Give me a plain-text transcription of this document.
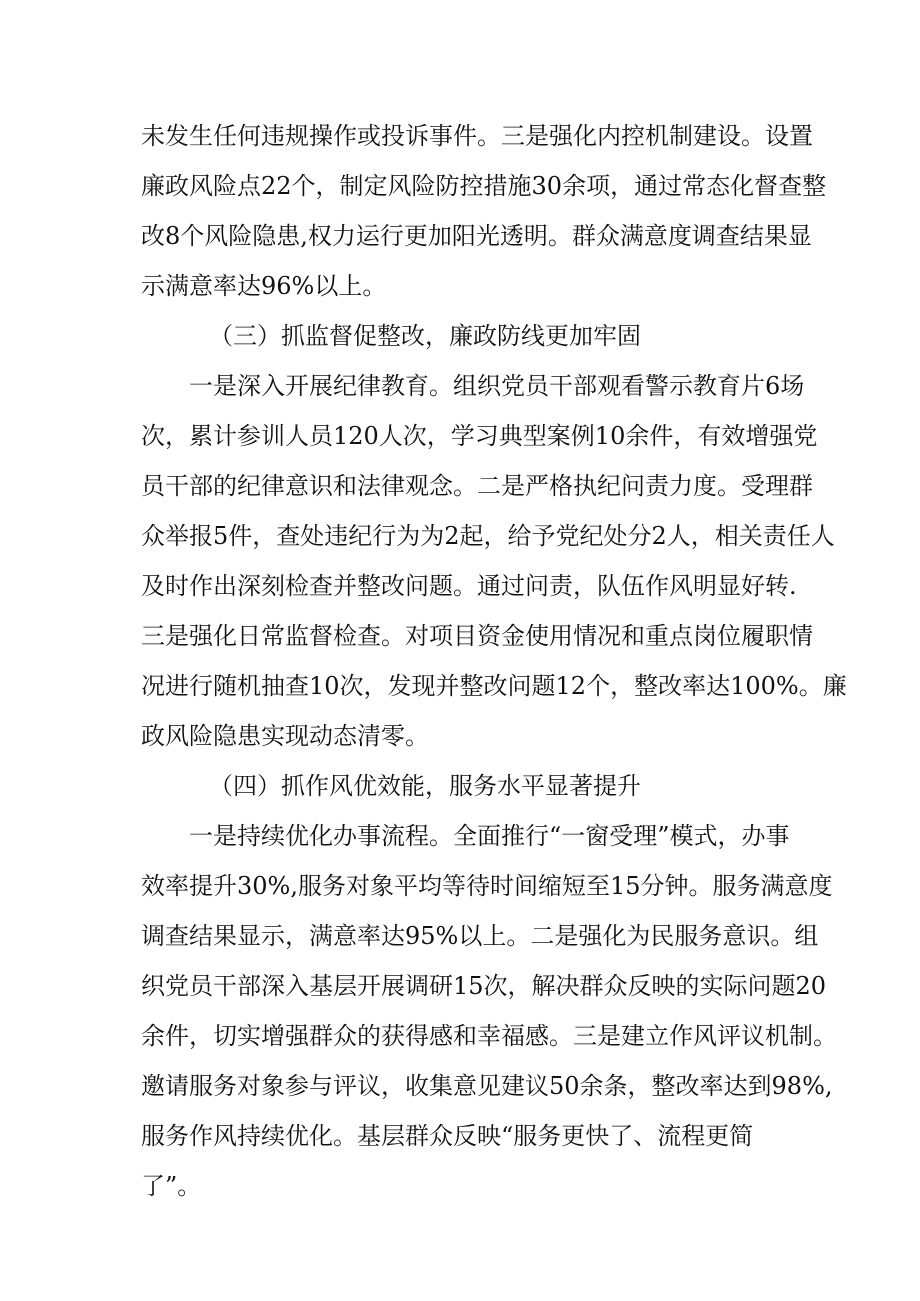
未发生任何违规操作或投诉事件。三是强化内控机制建设。设置
廉政风险点22个，制定风险防控措施30余项，通过常态化督查整
改8个风险隐患,权力运行更加阳光透明。群众满意度调查结果显
示满意率达96%以上。
（三）抓监督促整改，廉政防线更加牢固
一是深入开展纪律教育。组织党员干部观看警示教育片6场
次，累计参训人员120人次，学习典型案例10余件，有效增强党
员干部的纪律意识和法律观念。二是严格执纪问责力度。受理群
众举报5件，查处违纪行为为2起，给予党纪处分2人，相关责任人
及时作出深刻检查并整改问题。通过问责，队伍作风明显好转.
三是强化日常监督检查。对项目资金使用情况和重点岗位履职情
况进行随机抽查10次，发现并整改问题12个，整改率达100%。廉
政风险隐患实现动态清零。
（四）抓作风优效能，服务水平显著提升
一是持续优化办事流程。全面推行“一窗受理”模式，办事
效率提升30%,服务对象平均等待时间缩短至15分钟。服务满意度
调查结果显示，满意率达95%以上。二是强化为民服务意识。组
织党员干部深入基层开展调研15次，解决群众反映的实际问题20
余件，切实增强群众的获得感和幸福感。三是建立作风评议机制。
邀请服务对象参与评议，收集意见建议50余条，整改率达到98%,
服务作风持续优化。基层群众反映“服务更快了、流程更简
了”。
